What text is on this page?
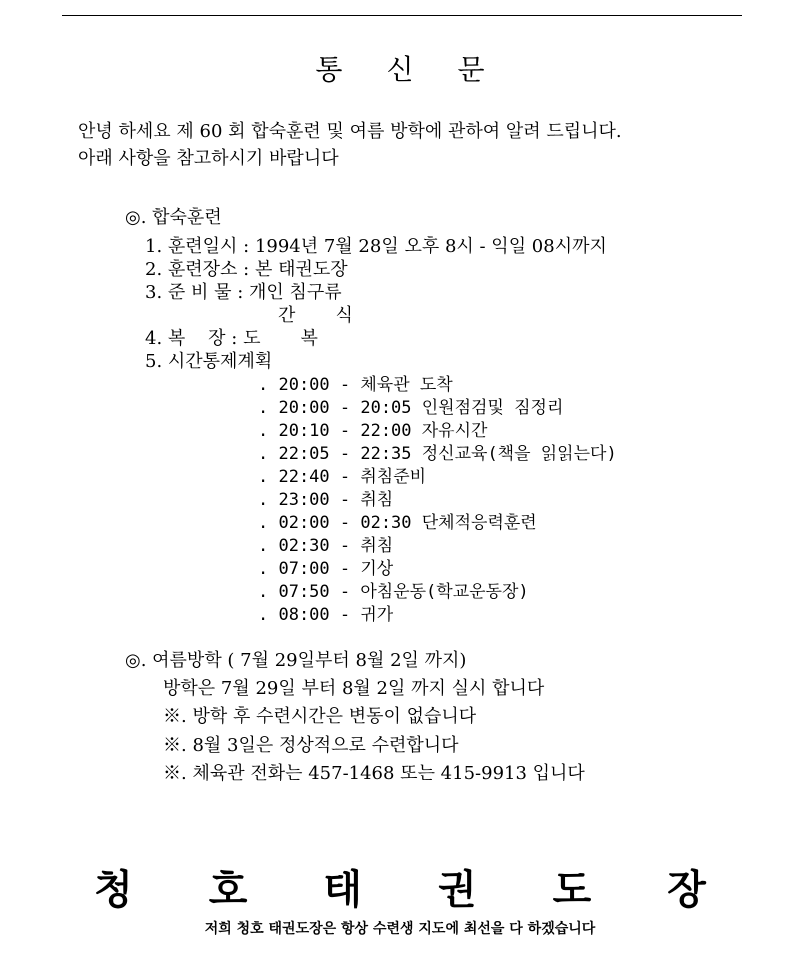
통 신 문
안녕 하세요 제 60 회 합숙훈련 및 여름 방학에 관하여 알려 드립니다.
아래 사항을 참고하시기 바랍니다
◎. 합숙훈련
1. 훈련일시 : 1994년 7월 28일 오후 8시 - 익일 08시까지
2. 훈련장소 : 본 태권도장
3. 준 비 물 : 개인 침구류
간       식
4. 복    장 : 도       복
5. 시간통제계획
. 20:00 - 체육관 도착
. 20:00 - 20:05 인원점검및 짐정리
. 20:10 - 22:00 자유시간
. 22:05 - 22:35 정신교육(책을 읽읽는다)
. 22:40 - 취침준비
. 23:00 - 취침
. 02:00 - 02:30 단체적응력훈련
. 02:30 - 취침
. 07:00 - 기상
. 07:50 - 아침운동(학교운동장)
. 08:00 - 귀가
◎. 여름방학 ( 7월 29일부터 8월 2일 까지)
방학은 7월 29일 부터 8월 2일 까지 실시 합니다
※. 방학 후 수련시간은 변동이 없습니다
※. 8월 3일은 정상적으로 수련합니다
※. 체육관 전화는 457-1468 또는 415-9913 입니다
청 호 태 권 도 장
저희 청호 태권도장은 항상 수련생 지도에 최선을 다 하겠습니다
